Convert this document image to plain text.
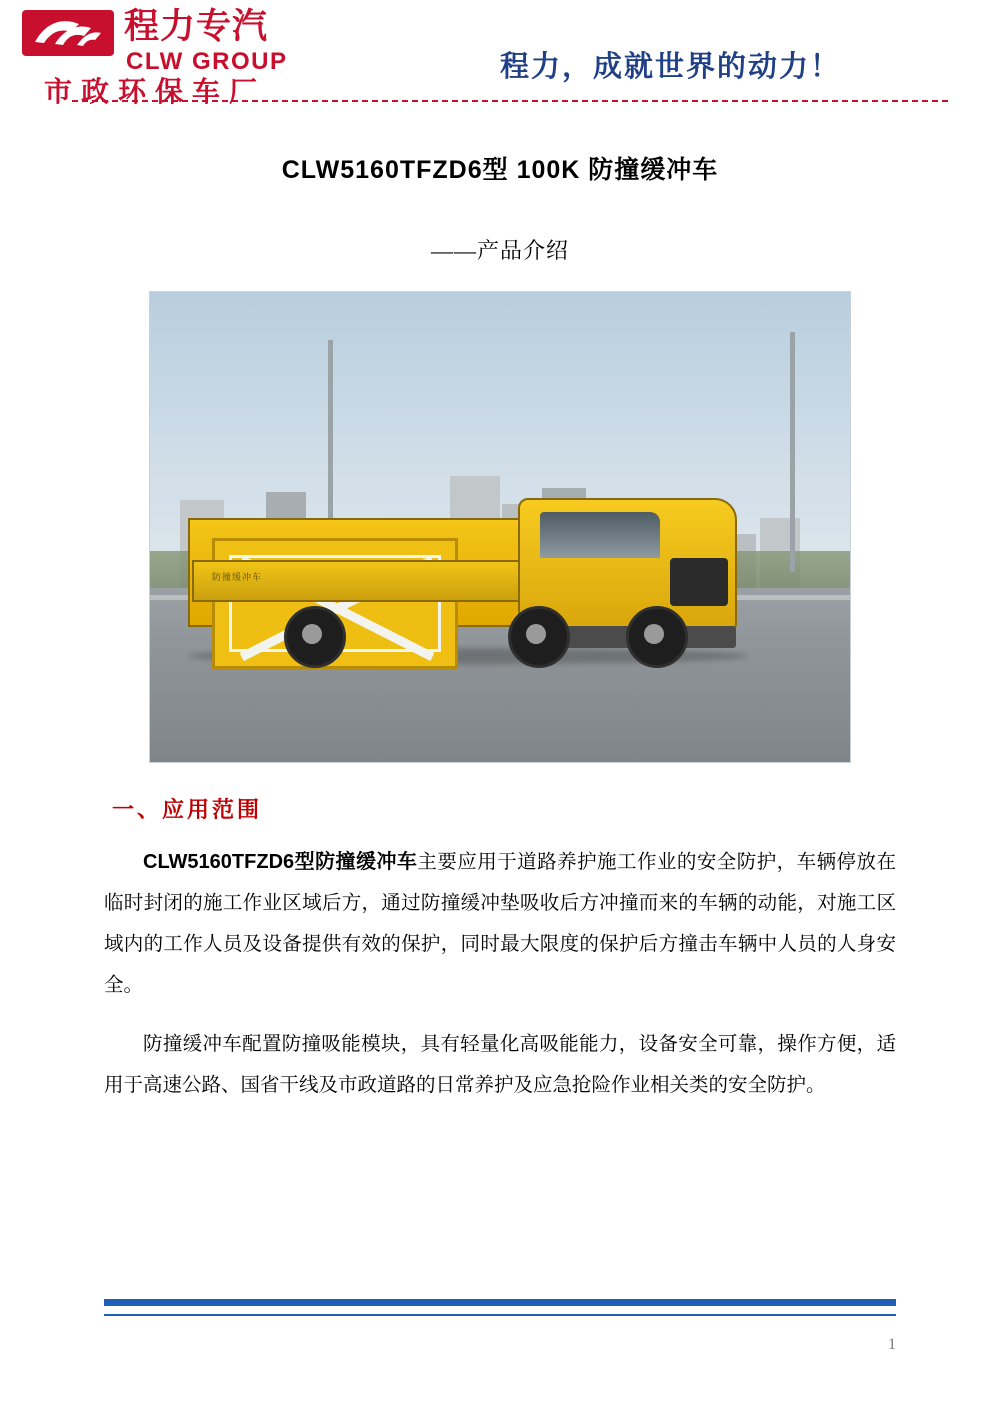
程力专汽
CLW GROUP
市政环保车厂
程力，成就世界的动力！
CLW5160TFZD6型 100K 防撞缓冲车
——产品介绍
防撞缓冲车
一、应用范围
CLW5160TFZD6型防撞缓冲车主要应用于道路养护施工作业的安全防护，车辆停放在临时封闭的施工作业区域后方，通过防撞缓冲垫吸收后方冲撞而来的车辆的动能，对施工区域内的工作人员及设备提供有效的保护，同时最大限度的保护后方撞击车辆中人员的人身安全。
防撞缓冲车配置防撞吸能模块，具有轻量化高吸能能力，设备安全可靠，操作方便，适用于高速公路、国省干线及市政道路的日常养护及应急抢险作业相关类的安全防护。
1
